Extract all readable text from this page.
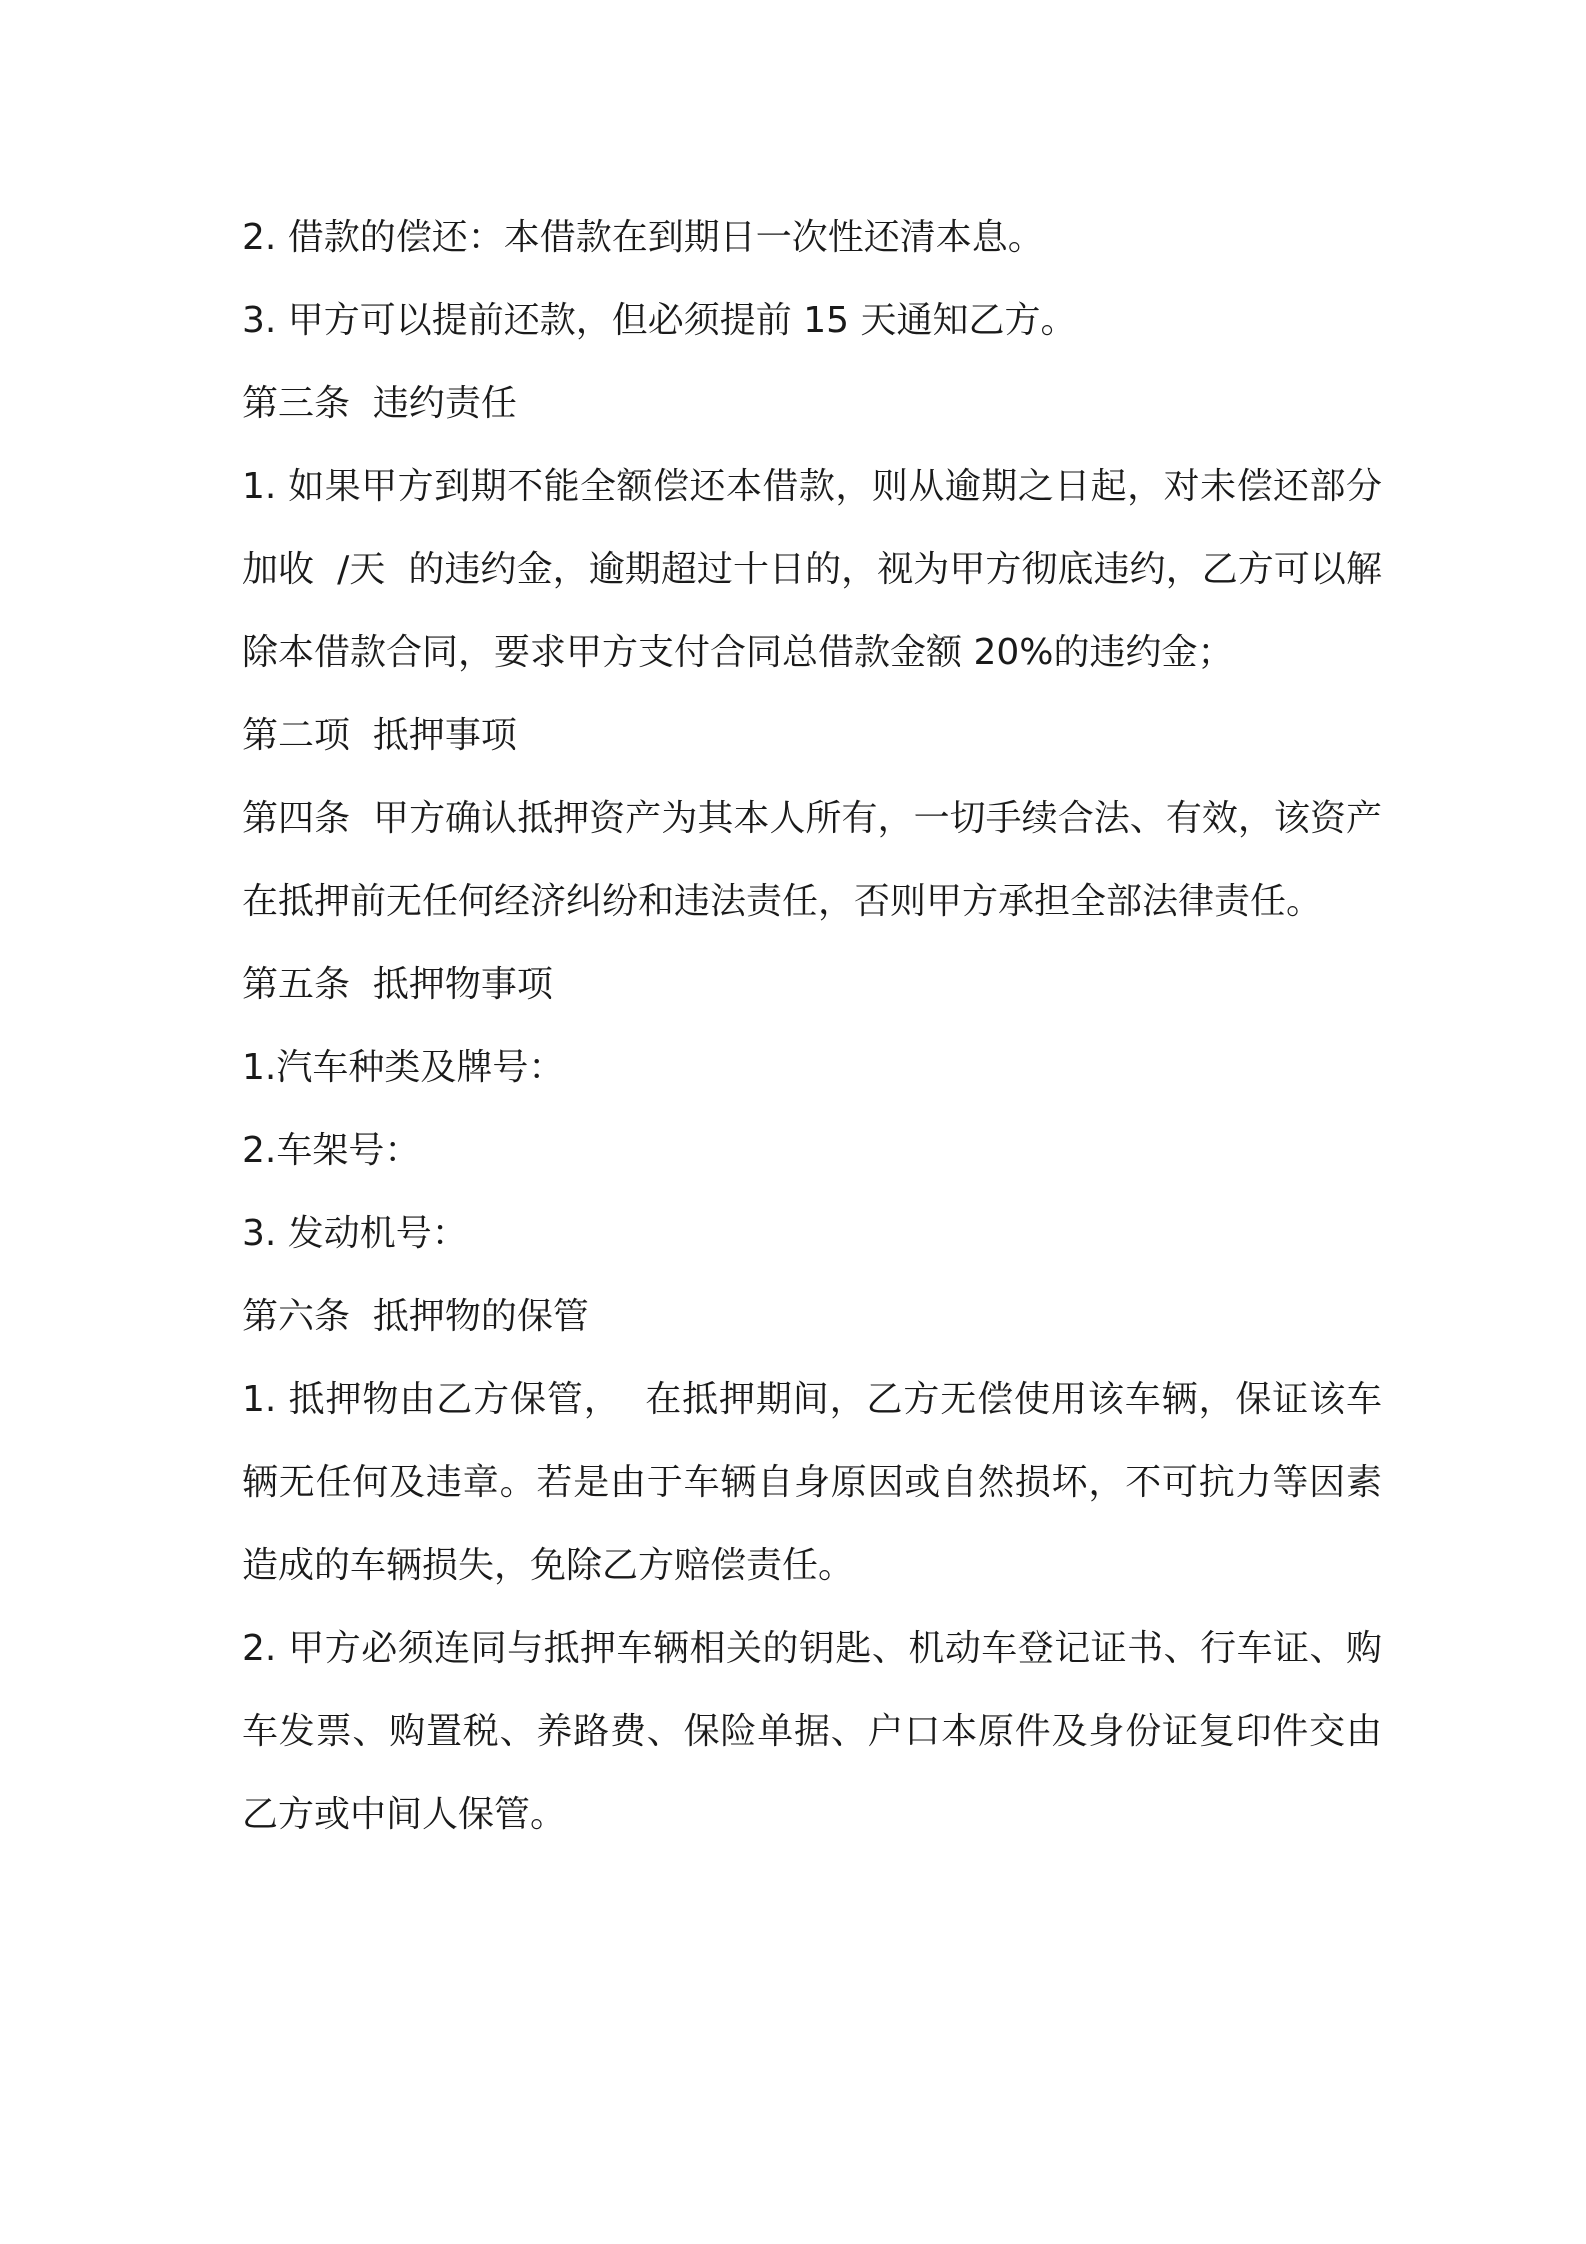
2. 借款的偿还：本借款在到期日一次性还清本息。

3. 甲方可以提前还款，但必须提前 15 天通知乙方。

第三条  违约责任

1. 如果甲方到期不能全额偿还本借款，则从逾期之日起，对未偿还部分加收  /天  的违约金，逾期超过十日的，视为甲方彻底违约，乙方可以解除本借款合同，要求甲方支付合同总借款金额 20%的违约金；

第二项  抵押事项

第四条  甲方确认抵押资产为其本人所有，一切手续合法、有效，该资产在抵押前无任何经济纠纷和违法责任，否则甲方承担全部法律责任。

第五条  抵押物事项

1.汽车种类及牌号：

2.车架号：

3. 发动机号：

第六条  抵押物的保管

1. 抵押物由乙方保管，  在抵押期间，乙方无偿使用该车辆，保证该车辆无任何及违章。若是由于车辆自身原因或自然损坏，不可抗力等因素造成的车辆损失，免除乙方赔偿责任。

2. 甲方必须连同与抵押车辆相关的钥匙、机动车登记证书、行车证、购车发票、购置税、养路费、保险单据、户口本原件及身份证复印件交由乙方或中间人保管。
